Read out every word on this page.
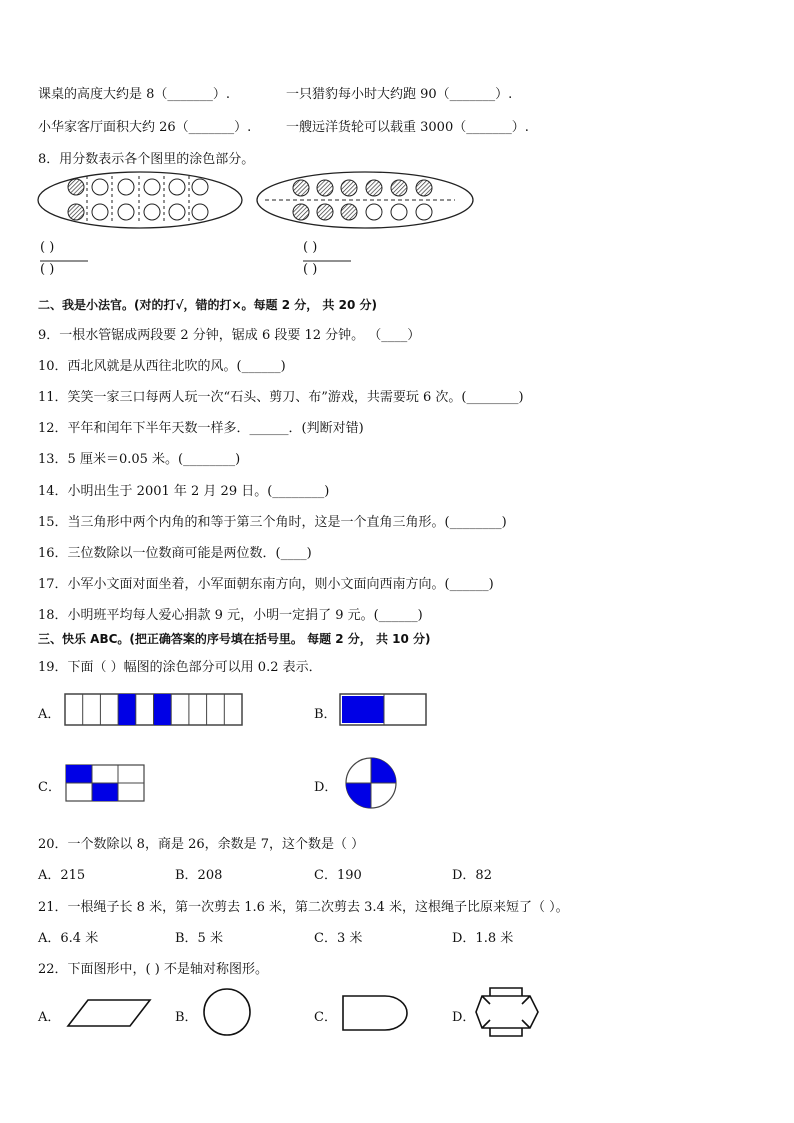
课桌的高度大约是 8（_______）.	一只猎豹每小时大约跑 90（_______）.
小华家客厅面积大约 26（_______）.	一艘远洋货轮可以载重 3000（_______）.
8．用分数表示各个图里的涂色部分。
( )
( )
( )
( )
二、我是小法官。(对的打√，错的打×。每题 2 分， 共 20 分)
9．一根水管锯成两段要 2 分钟，锯成 6 段要 12 分钟。 （____）
10．西北风就是从西往北吹的风。(______)
11．笑笑一家三口每两人玩一次“石头、剪刀、布”游戏，共需要玩 6 次。(________)
12．平年和闰年下半年天数一样多．______．(判断对错)
13．5 厘米＝0.05 米。(________)
14．小明出生于 2001 年 2 月 29 日。(________)
15．当三角形中两个内角的和等于第三个角时，这是一个直角三角形。(________)
16．三位数除以一位数商可能是两位数．(____)
17．小军小文面对面坐着，小军面朝东南方向，则小文面向西南方向。(______)
18．小明班平均每人爱心捐款 9 元，小明一定捐了 9 元。(______)
三、快乐 ABC。(把正确答案的序号填在括号里。 每题 2 分， 共 10 分)
19．下面（ ）幅图的涂色部分可以用 0.2 表示．
A．	B．
C．	D．
20．一个数除以 8，商是 26，余数是 7，这个数是（ ）
A．215	B．208	C．190	D．82
21．一根绳子长 8 米，第一次剪去 1.6 米，第二次剪去 3.4 米，这根绳子比原来短了（ ）。
A．6.4 米	B．5 米	C．3 米	D．1.8 米
22．下面图形中，( ) 不是轴对称图形。
A．	B．	C．	D．
